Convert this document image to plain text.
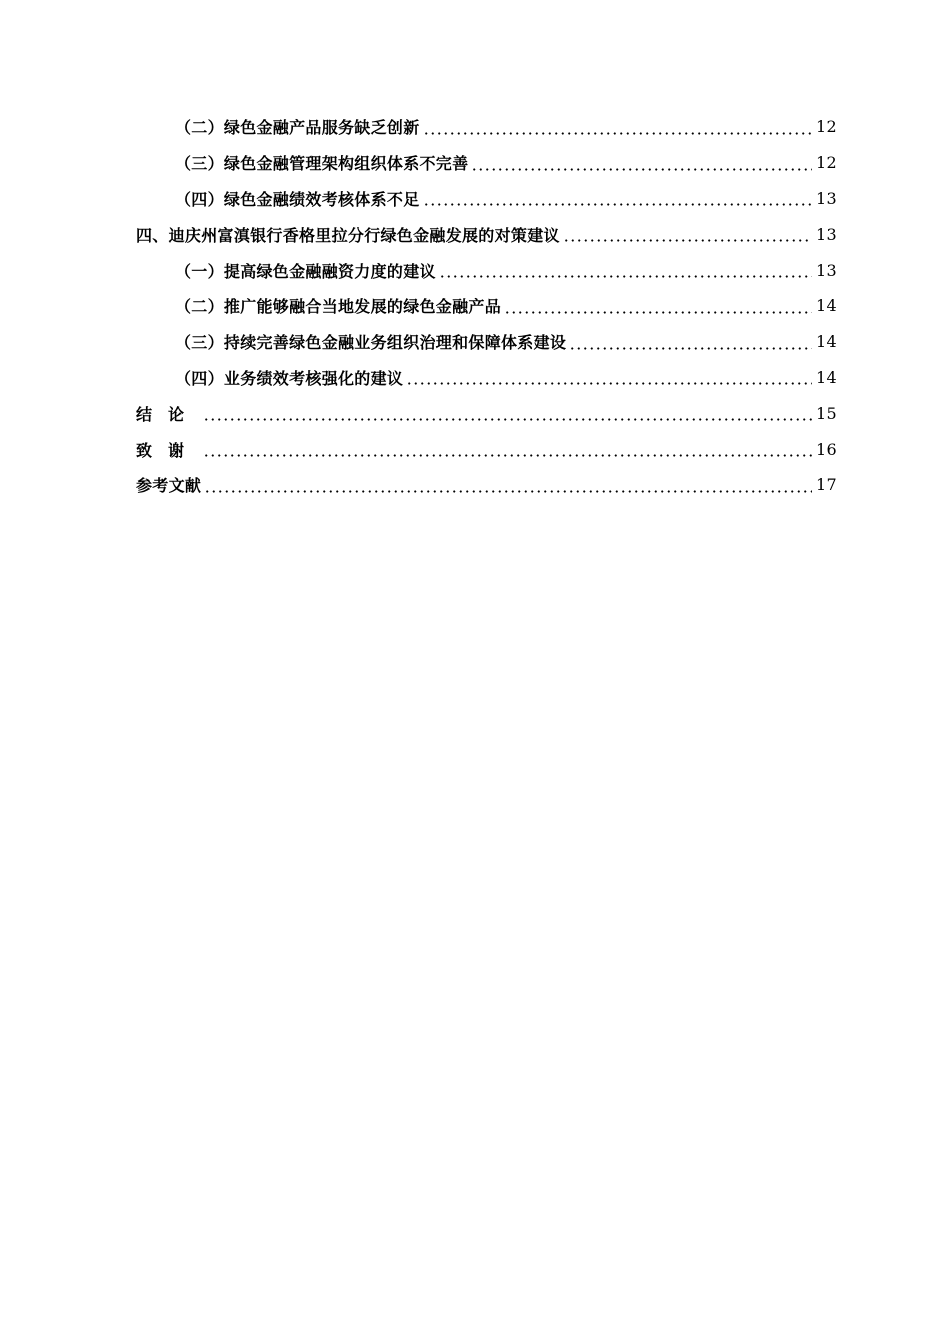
（二）绿色金融产品服务缺乏创新	12
（三）绿色金融管理架构组织体系不完善	12
（四）绿色金融绩效考核体系不足	13
四、迪庆州富滇银行香格里拉分行绿色金融发展的对策建议	13
（一）提高绿色金融融资力度的建议	13
（二）推广能够融合当地发展的绿色金融产品	14
（三）持续完善绿色金融业务组织治理和保障体系建设	14
（四）业务绩效考核强化的建议	14
结论	15
致谢	16
参考文献	17
